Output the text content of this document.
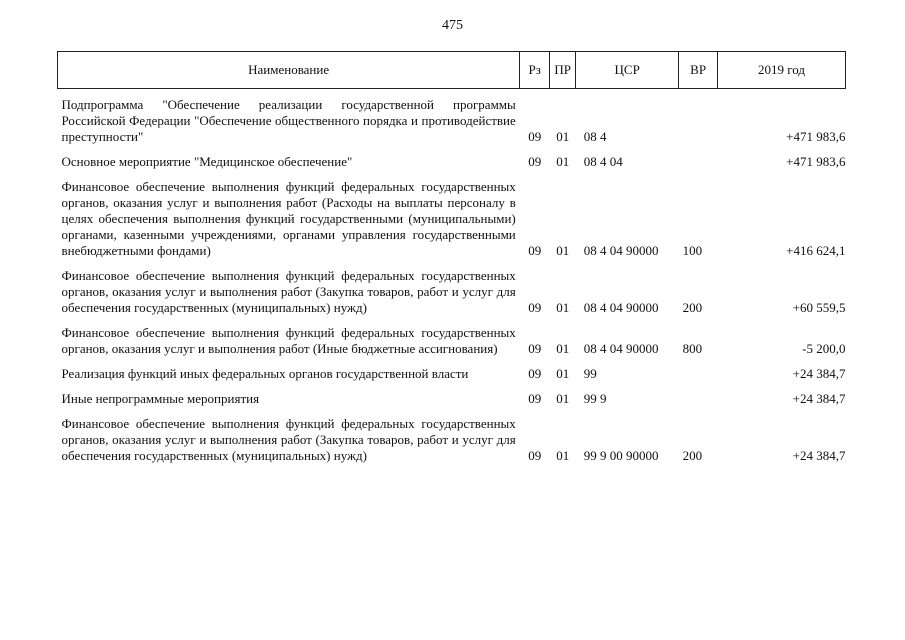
475
Наименование	Рз	ПР	ЦСР	ВР	2019 год
Подпрограмма "Обеспечение реализации государственной программы Российской Федерации "Обеспечение общественного порядка и противодействие преступности"	09	01	08 4		+471 983,6
Основное мероприятие "Медицинское обеспечение"	09	01	08 4 04		+471 983,6
Финансовое обеспечение выполнения функций федеральных государственных органов, оказания услуг и выполнения работ (Расходы на выплаты персоналу в целях обеспечения выполнения функций государственными (муниципальными) органами, казенными учреждениями, органами управления государственными внебюджетными фондами)	09	01	08 4 04 90000	100	+416 624,1
Финансовое обеспечение выполнения функций федеральных государственных органов, оказания услуг и выполнения работ (Закупка товаров, работ и услуг для обеспечения государственных (муниципальных) нужд)	09	01	08 4 04 90000	200	+60 559,5
Финансовое обеспечение выполнения функций федеральных государственных органов, оказания услуг и выполнения работ (Иные бюджетные ассигнования)	09	01	08 4 04 90000	800	-5 200,0
Реализация функций иных федеральных органов государственной власти	09	01	99		+24 384,7
Иные непрограммные мероприятия	09	01	99 9		+24 384,7
Финансовое обеспечение выполнения функций федеральных государственных органов, оказания услуг и выполнения работ (Закупка товаров, работ и услуг для обеспечения государственных (муниципальных) нужд)	09	01	99 9 00 90000	200	+24 384,7
